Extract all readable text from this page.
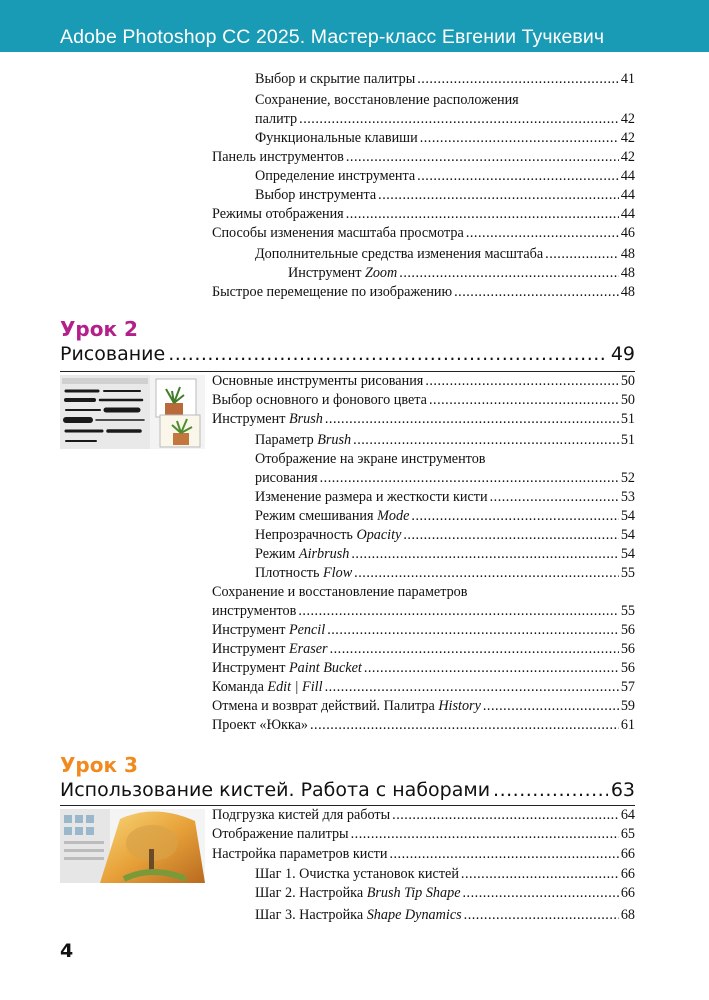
Adobe Photoshop CC 2025. Мастер-класс Евгении Тучкевич
Выбор и скрытие палитры .....	41
Сохранение, восстановление расположения
палитр .....	42
Функциональные клавиши .....	42
Панель инструментов .....	42
Определение инструмента .....	44
Выбор инструмента .....	44
Режимы отображения .....	44
Способы изменения масштаба просмотра .....	46
Дополнительные средства изменения масштаба .....	48
Инструмент Zoom .....	48
Быстрое перемещение по изображению .....	48
Урок 2
Рисование .....	49
Основные инструменты рисования .....	50
Выбор основного и фонового цвета .....	50
Инструмент Brush .....	51
Параметр Brush .....	51
Отображение на экране инструментов
рисования .....	52
Изменение размера и жесткости кисти .....	53
Режим смешивания Mode .....	54
Непрозрачность Opacity .....	54
Режим Airbrush .....	54
Плотность Flow .....	55
Сохранение и восстановление параметров
инструментов .....	55
Инструмент Pencil .....	56
Инструмент Eraser .....	56
Инструмент Paint Bucket .....	56
Команда Edit | Fill .....	57
Отмена и возврат действий. Палитра History .....	59
Проект «Юкка» .....	61
Урок 3
Использование кистей. Работа с наборами .....	63
Подгрузка кистей для работы .....	64
Отображение палитры .....	65
Настройка параметров кисти .....	66
Шаг 1. Очистка установок кистей .....	66
Шаг 2. Настройка Brush Tip Shape .....	66
Шаг 3. Настройка Shape Dynamics .....	68
4
